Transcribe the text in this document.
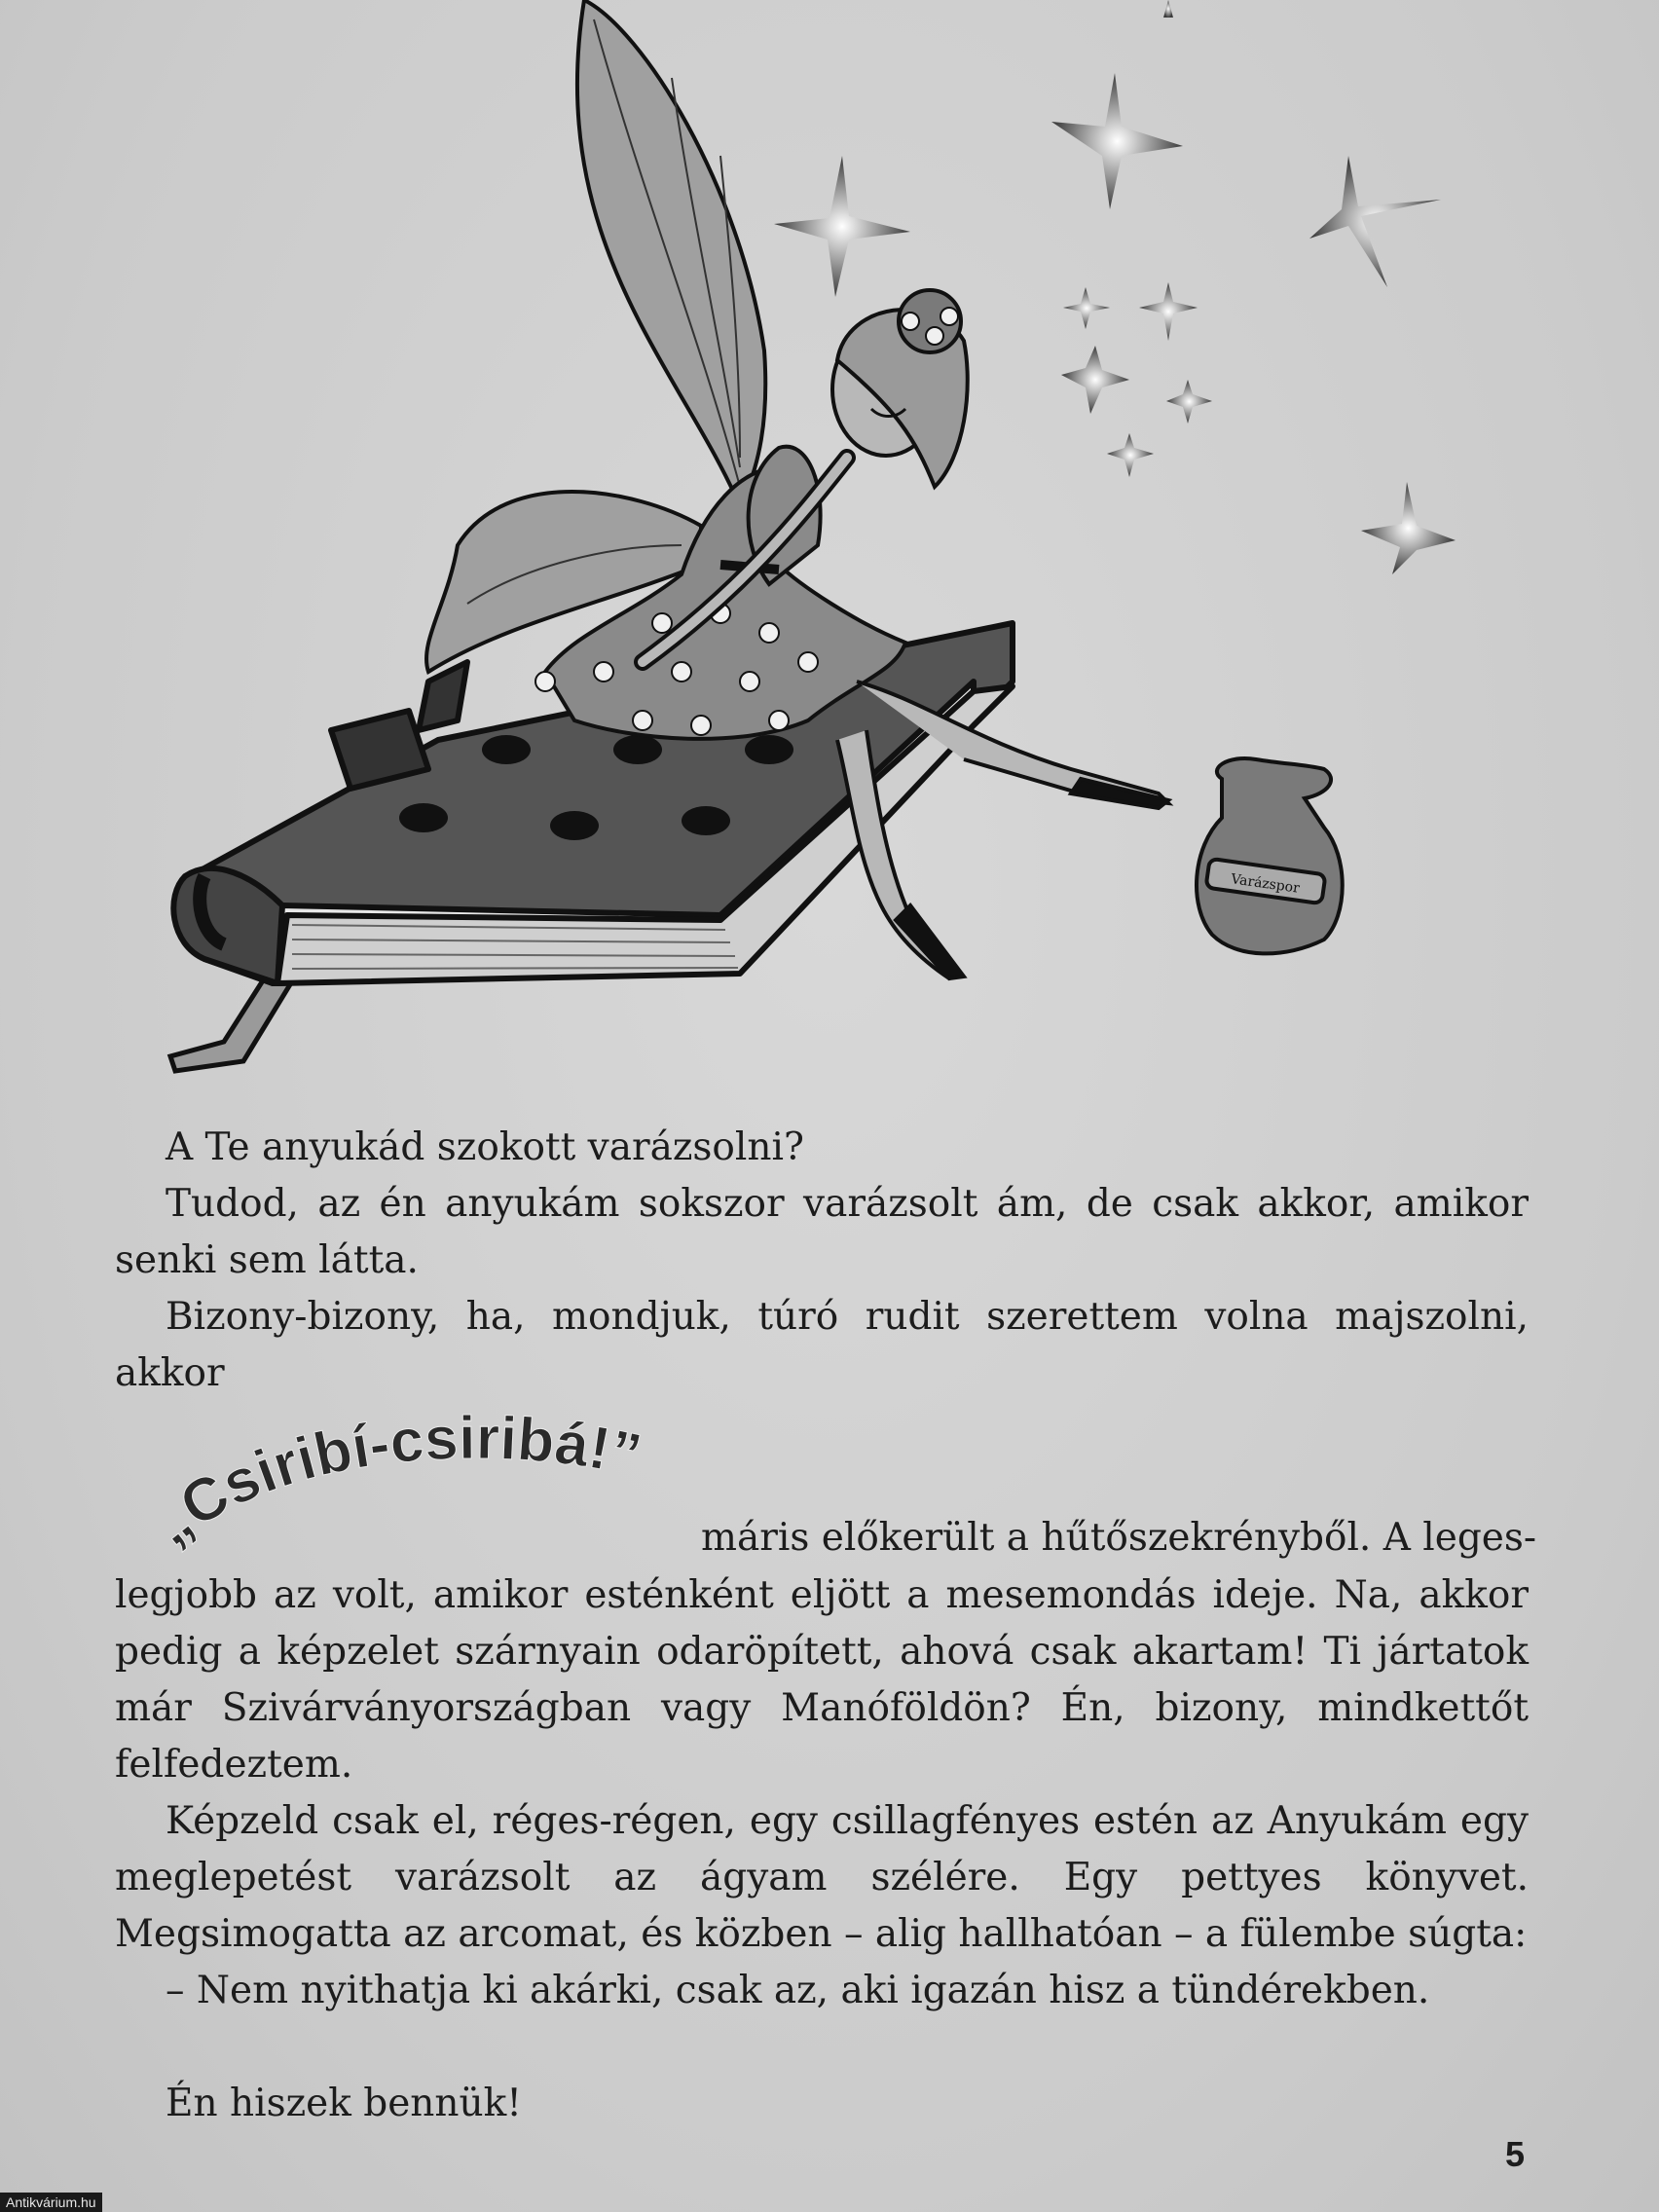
Varázspor

A Te anyukád szokott varázsolni?

Tudod, az én anyukám sokszor varázsolt ám, de csak akkor, amikor senki sem látta.

Bizony-bizony, ha, mondjuk, túró rudit szerettem volna majszolni, akkor

„Csiribí-csiribá!”
máris előkerült a hűtőszekrényből. A leges-

legjobb az volt, amikor esténként eljött a mesemondás ideje. Na, akkor pedig a képzelet szárnyain odaröpített, ahová csak akartam! Ti jártatok már Szivárványországban vagy Manóföldön? Én, bizony, mindkettőt felfedeztem.

Képzeld csak el, réges-régen, egy csillagfényes estén az Anyukám egy meglepetést varázsolt az ágyam szélére. Egy pettyes könyvet. Megsimogatta az arcomat, és közben – alig hallhatóan – a fülembe súgta:

– Nem nyithatja ki akárki, csak az, aki igazán hisz a tündérekben.

Én hiszek bennük!

5
Antikvárium.hu
